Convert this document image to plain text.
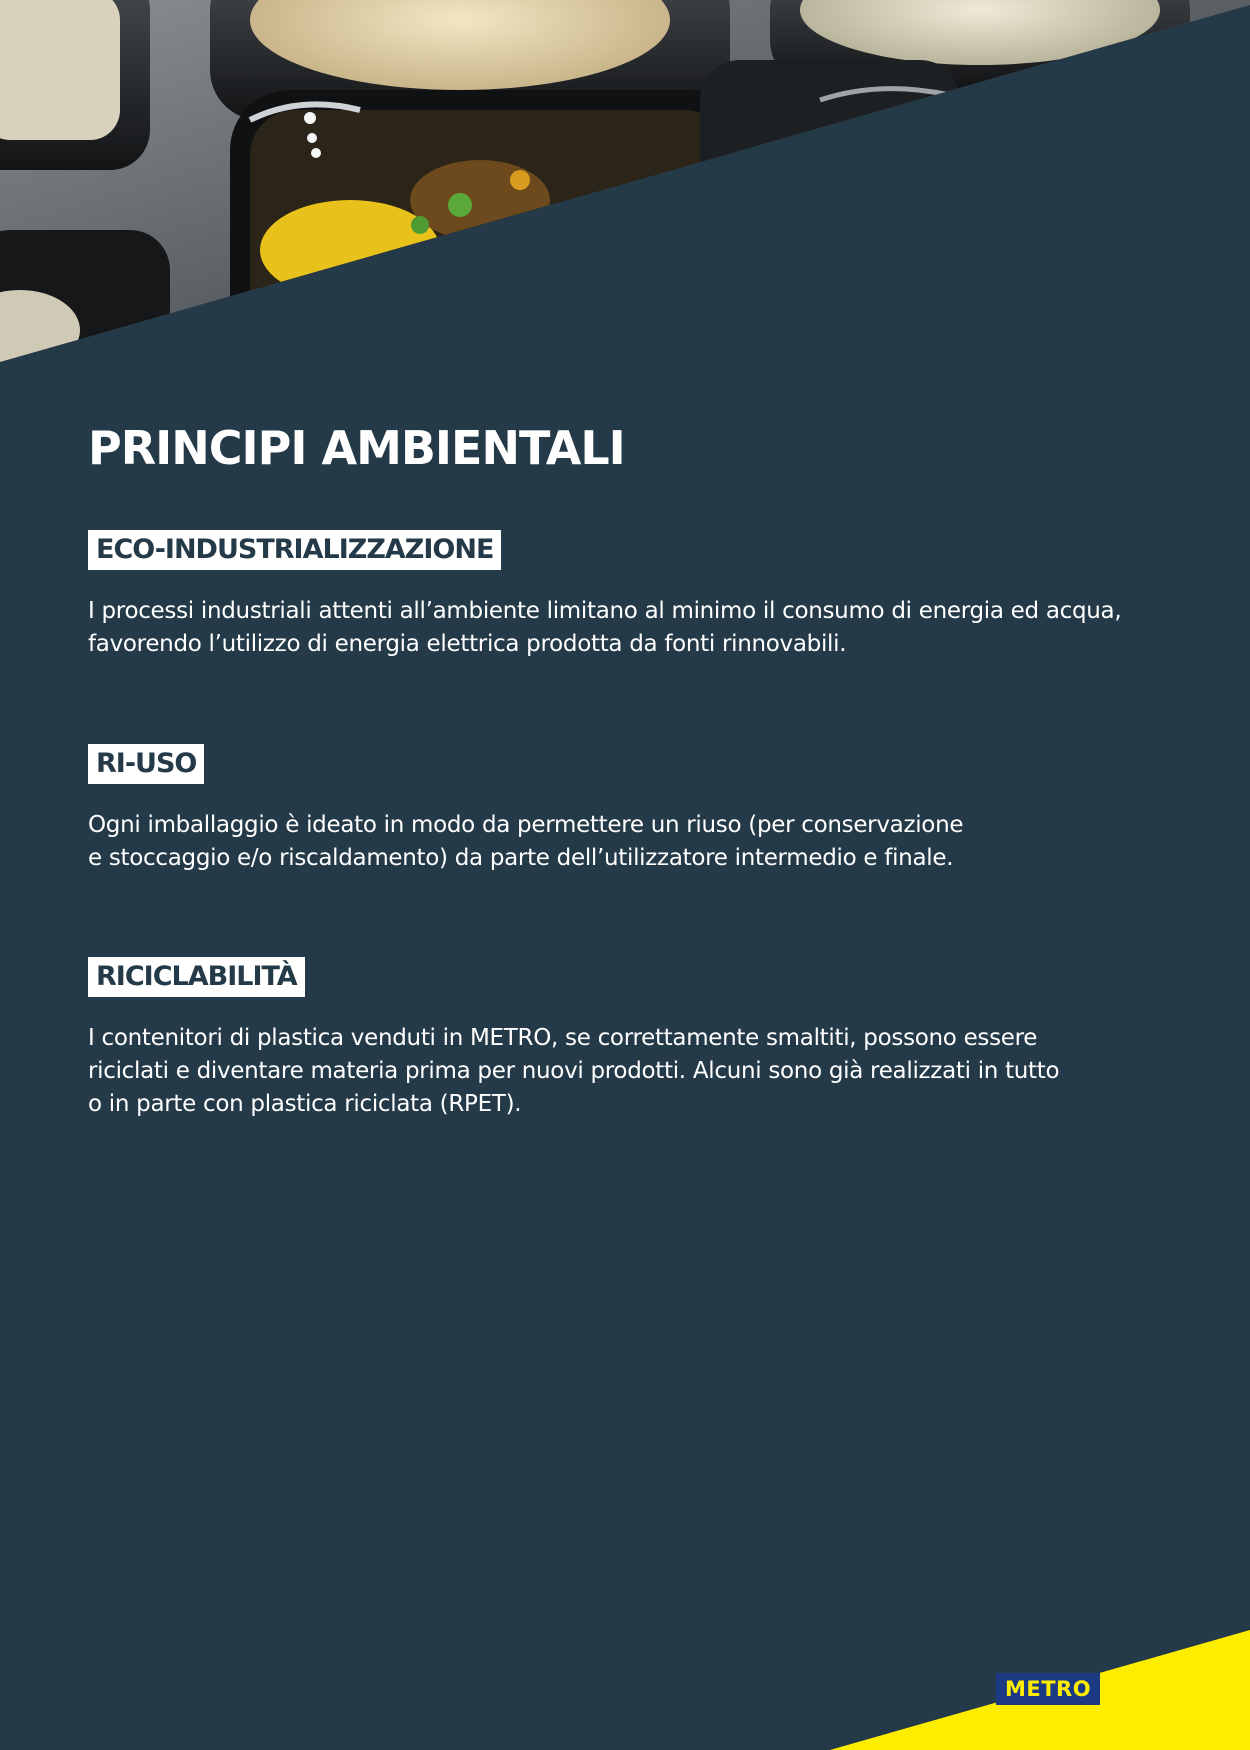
PRINCIPI AMBIENTALI
ECO-INDUSTRIALIZZAZIONE

I processi industriali attenti all’ambiente limitano al minimo il consumo di energia ed acqua,
favorendo l’utilizzo di energia elettrica prodotta da fonti rinnovabili.

RI-USO

Ogni imballaggio è ideato in modo da permettere un riuso (per conservazione
e stoccaggio e/o riscaldamento) da parte dell’utilizzatore intermedio e finale.

RICICLABILITÀ

I contenitori di plastica venduti in METRO, se correttamente smaltiti, possono essere
riciclati e diventare materia prima per nuovi prodotti. Alcuni sono già realizzati in tutto
o in parte con plastica riciclata (RPET).

METRO
